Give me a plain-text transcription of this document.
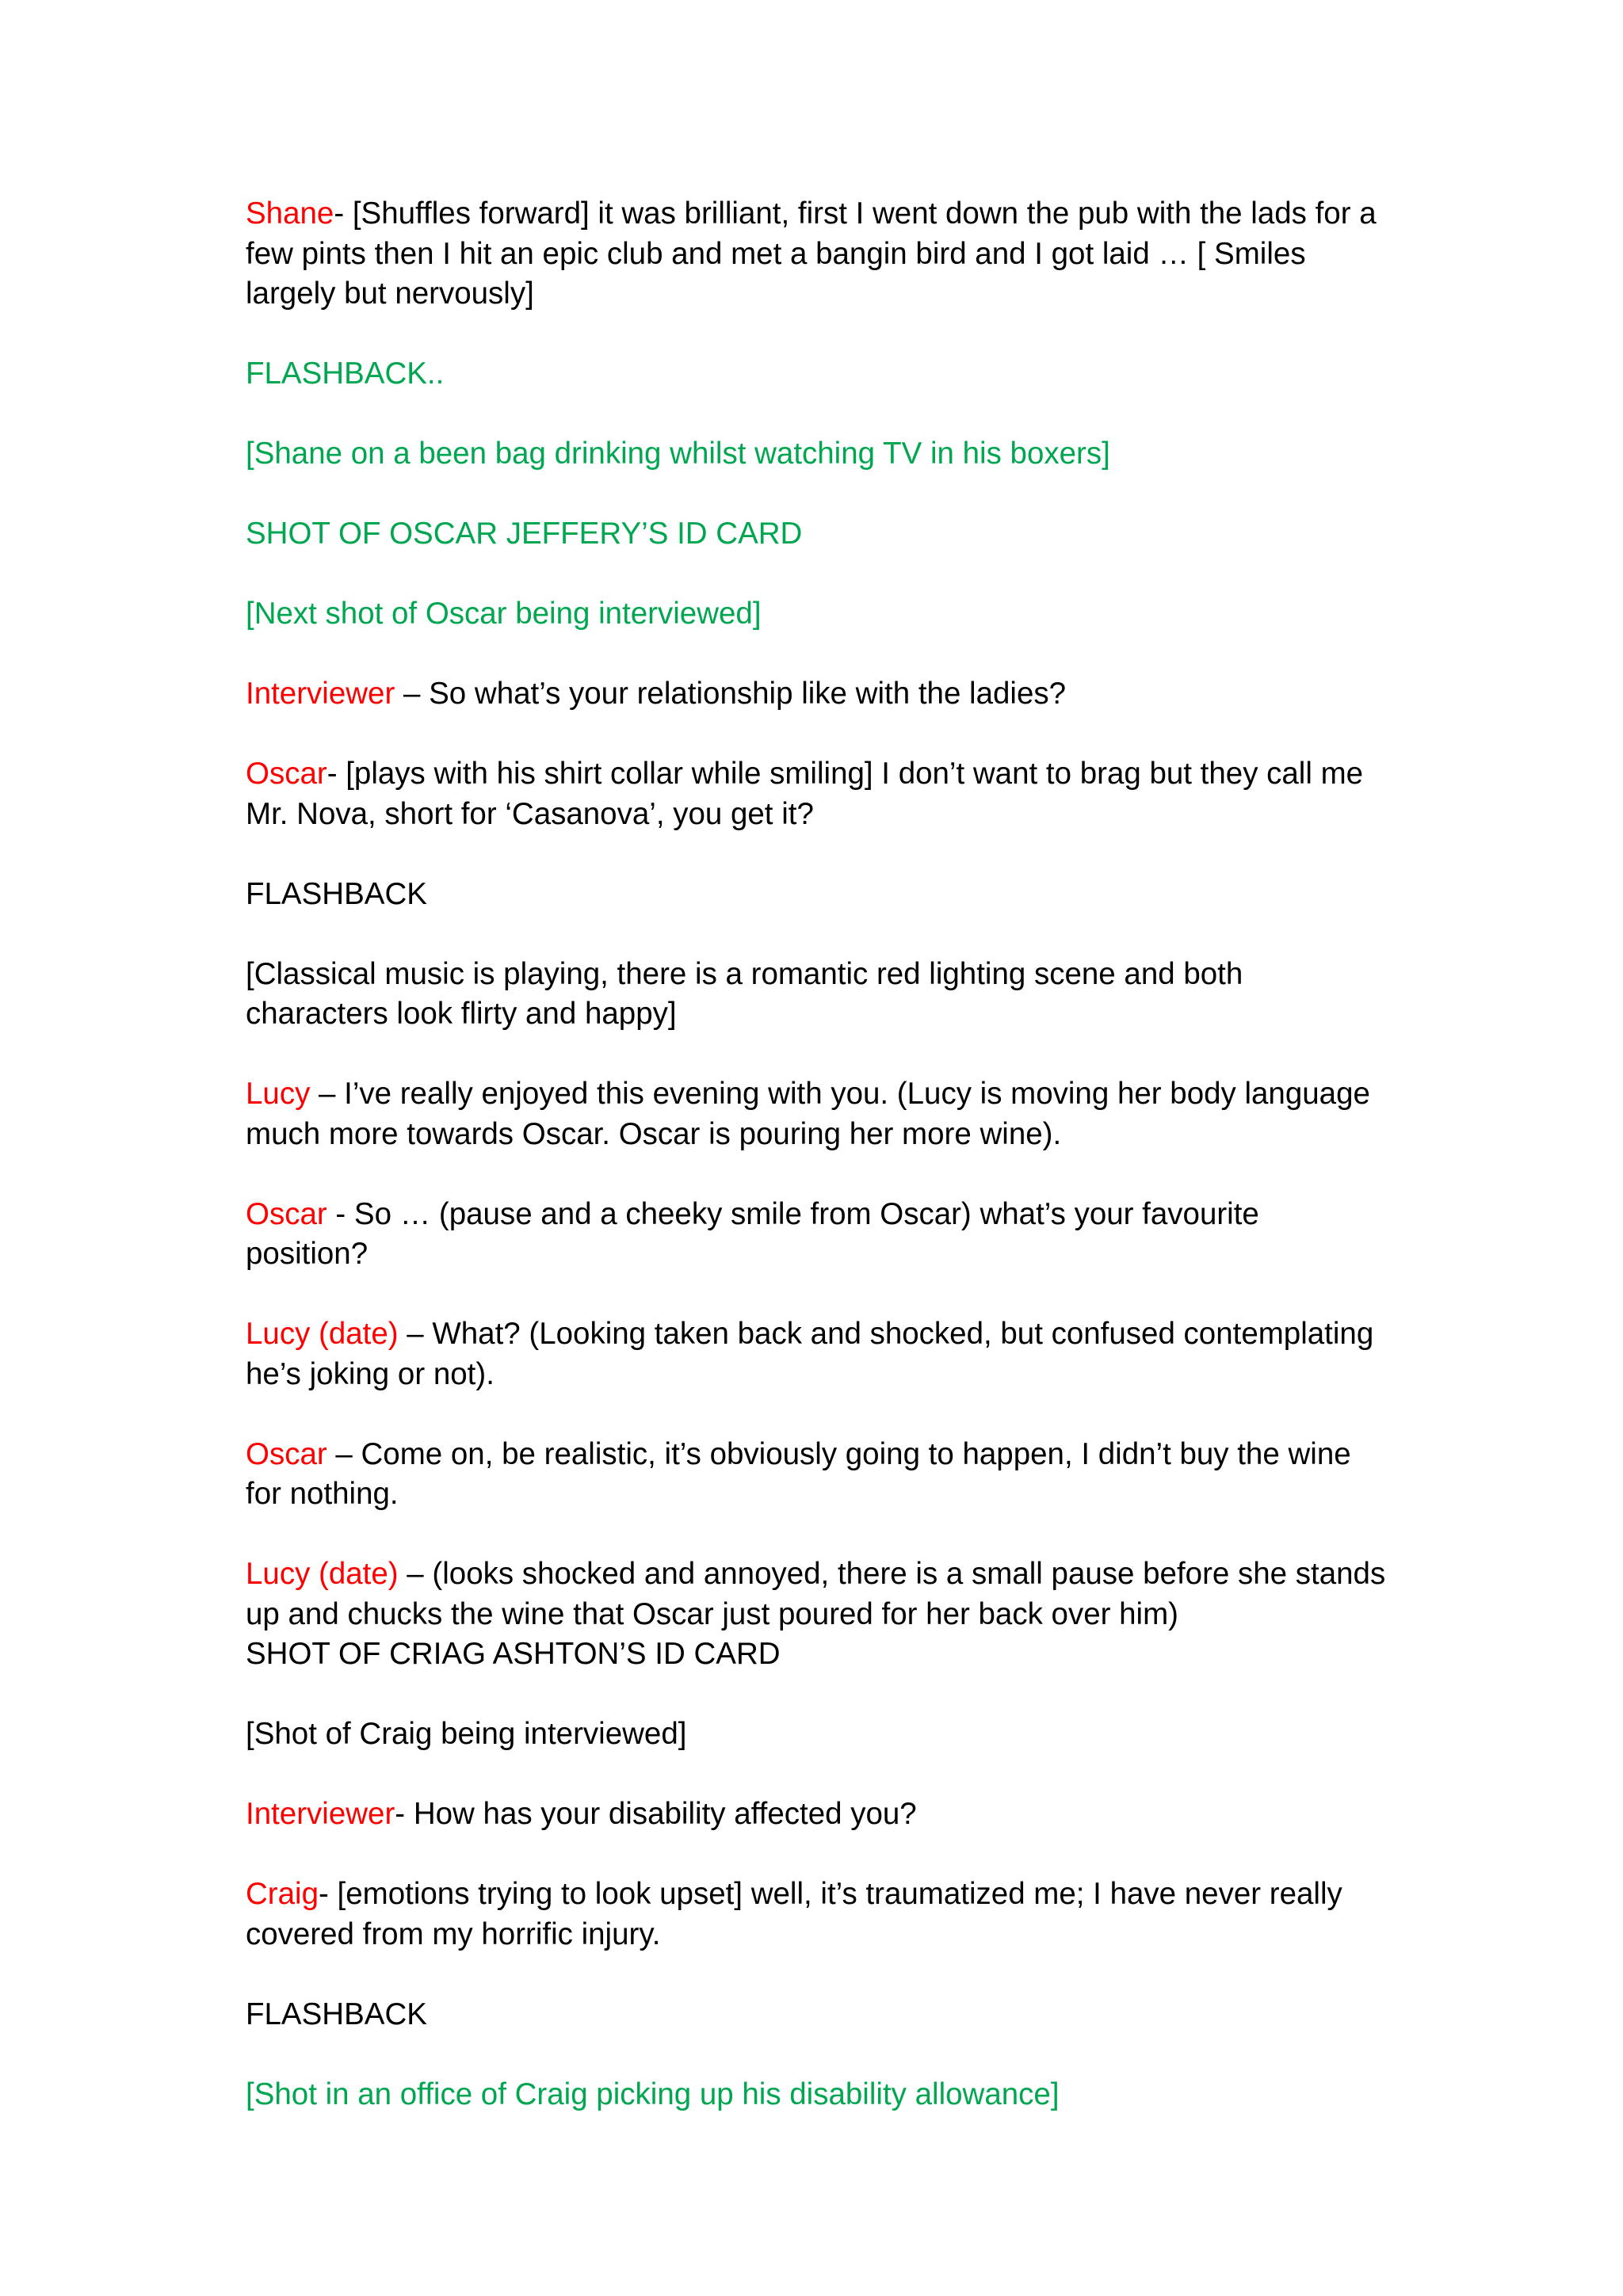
Shane- [Shuffles forward] it was brilliant, first I went down the pub with the lads for a few pints then I hit an epic club and met a bangin bird and I got laid … [ Smiles largely but nervously]

FLASHBACK..

[Shane on a been bag drinking whilst watching TV in his boxers]

SHOT OF OSCAR JEFFERY’S ID CARD

[Next shot of Oscar being interviewed]

Interviewer – So what’s your relationship like with the ladies?

Oscar- [plays with his shirt collar while smiling] I don’t want to brag but they call me Mr. Nova, short for ‘Casanova’, you get it?

FLASHBACK

[Classical music is playing, there is a romantic red lighting scene and both characters look flirty and happy]

Lucy – I’ve really enjoyed this evening with you. (Lucy is moving her body language much more towards Oscar. Oscar is pouring her more wine).

Oscar - So … (pause and a cheeky smile from Oscar) what’s your favourite position?

Lucy (date) – What? (Looking taken back and shocked, but confused contemplating he’s joking or not).

Oscar – Come on, be realistic, it’s obviously going to happen, I didn’t buy the wine for nothing.

Lucy (date) – (looks shocked and annoyed, there is a small pause before she stands up and chucks the wine that Oscar just poured for her back over him)

SHOT OF CRIAG ASHTON’S ID CARD

[Shot of Craig being interviewed]

Interviewer- How has your disability affected you?

Craig- [emotions trying to look upset] well, it’s traumatized me; I have never really covered from my horrific injury.

FLASHBACK

[Shot in an office of Craig picking up his disability allowance]
